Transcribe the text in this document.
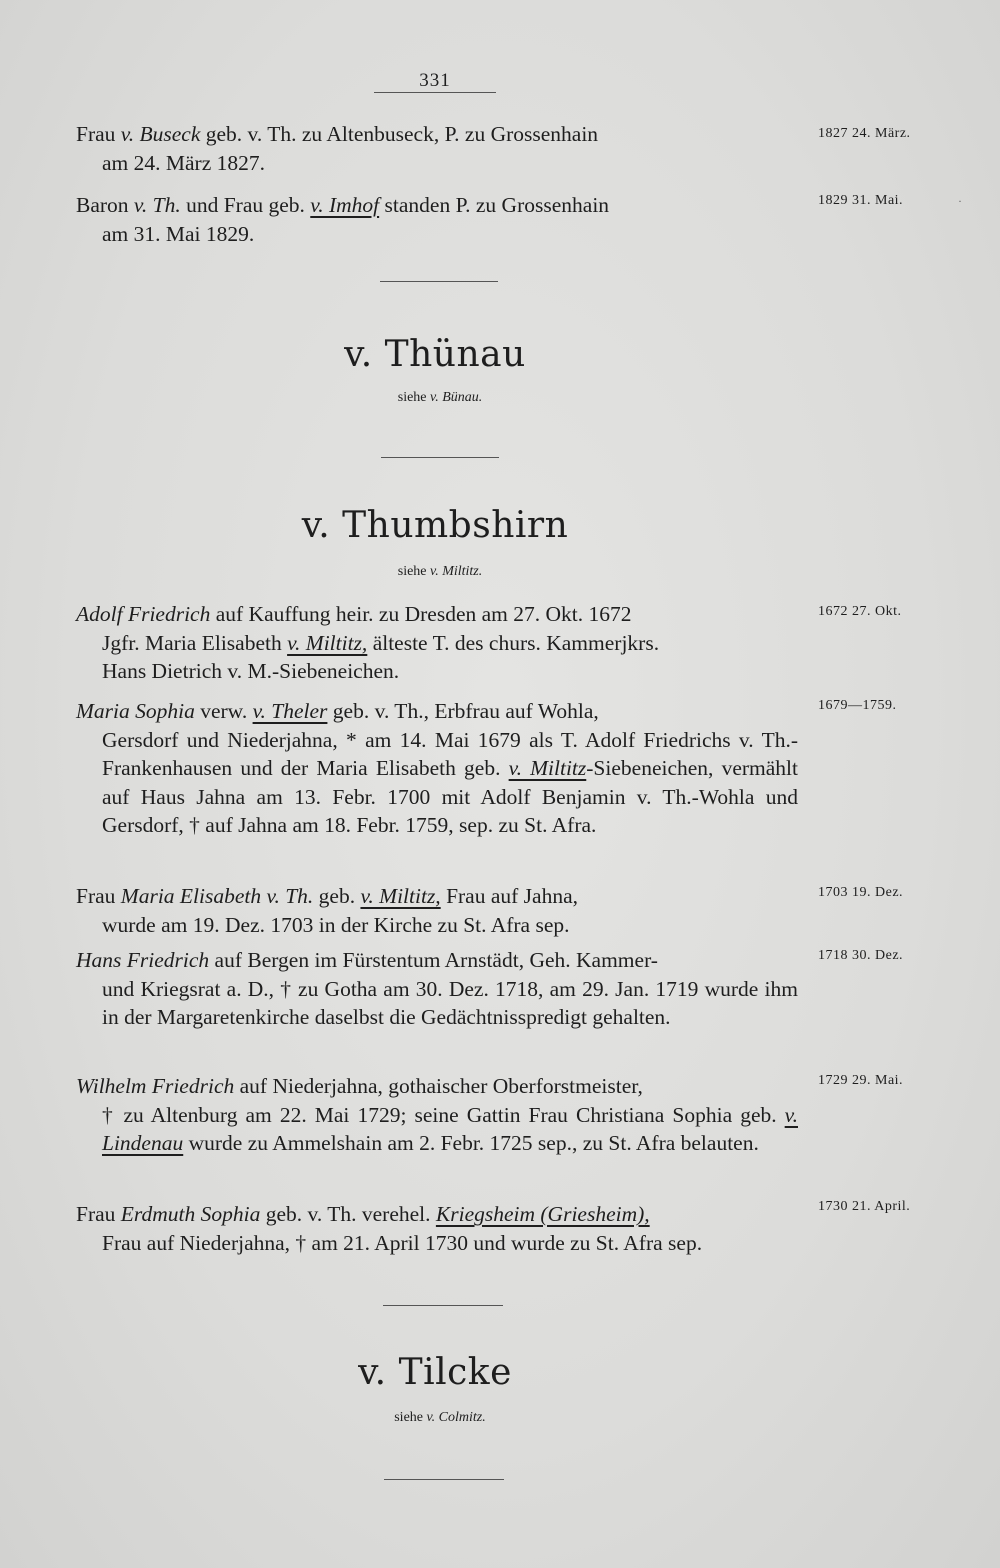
331

Frau v. Buseck geb. v. Th. zu Altenbuseck, P. zu Grossenhain

am 24. März 1827.

1827 24. März.

Baron v. Th. und Frau geb. v. Imhof standen P. zu Grossenhain

am 31. Mai 1829.

1829 31. Mai.	·
v. Thünau
siehe v. Bünau.
v. Thumbshirn
siehe v. Miltitz.

Adolf Friedrich auf Kauffung heir. zu Dresden am 27. Okt. 1672

Jgfr. Maria Elisabeth v. Miltitz, älteste T. des churs. Kammerjkrs.
Hans Dietrich v. M.-Siebeneichen.

1672 27. Okt.

Maria Sophia verw. v. Theler geb. v. Th., Erbfrau auf Wohla,

Gersdorf und Niederjahna, * am 14. Mai 1679 als T. Adolf Friedrichs v. Th.-Frankenhausen und der Maria Elisabeth geb. v. Miltitz-Siebeneichen, vermählt auf Haus Jahna am 13. Febr. 1700 mit Adolf Benjamin v. Th.-Wohla und Gersdorf, † auf Jahna am 18. Febr. 1759, sep. zu St. Afra.

1679—1759.

Frau Maria Elisabeth v. Th. geb. v. Miltitz, Frau auf Jahna,

wurde am 19. Dez. 1703 in der Kirche zu St. Afra sep.

1703 19. Dez.

Hans Friedrich auf Bergen im Fürstentum Arnstädt, Geh. Kammer-

und Kriegsrat a. D., † zu Gotha am 30. Dez. 1718, am 29. Jan. 1719 wurde ihm in der Margaretenkirche daselbst die Gedächtnisspredigt gehalten.

1718 30. Dez.

Wilhelm Friedrich auf Niederjahna, gothaischer Oberforstmeister,

† zu Altenburg am 22. Mai 1729; seine Gattin Frau Christiana Sophia geb. v. Lindenau wurde zu Ammelshain am 2. Febr. 1725 sep., zu St. Afra belauten.

1729 29. Mai.

Frau Erdmuth Sophia geb. v. Th. verehel. Kriegsheim (Griesheim),

Frau auf Niederjahna, † am 21. April 1730 und wurde zu St. Afra sep.

1730 21. April.
v. Tilcke
siehe v. Colmitz.
